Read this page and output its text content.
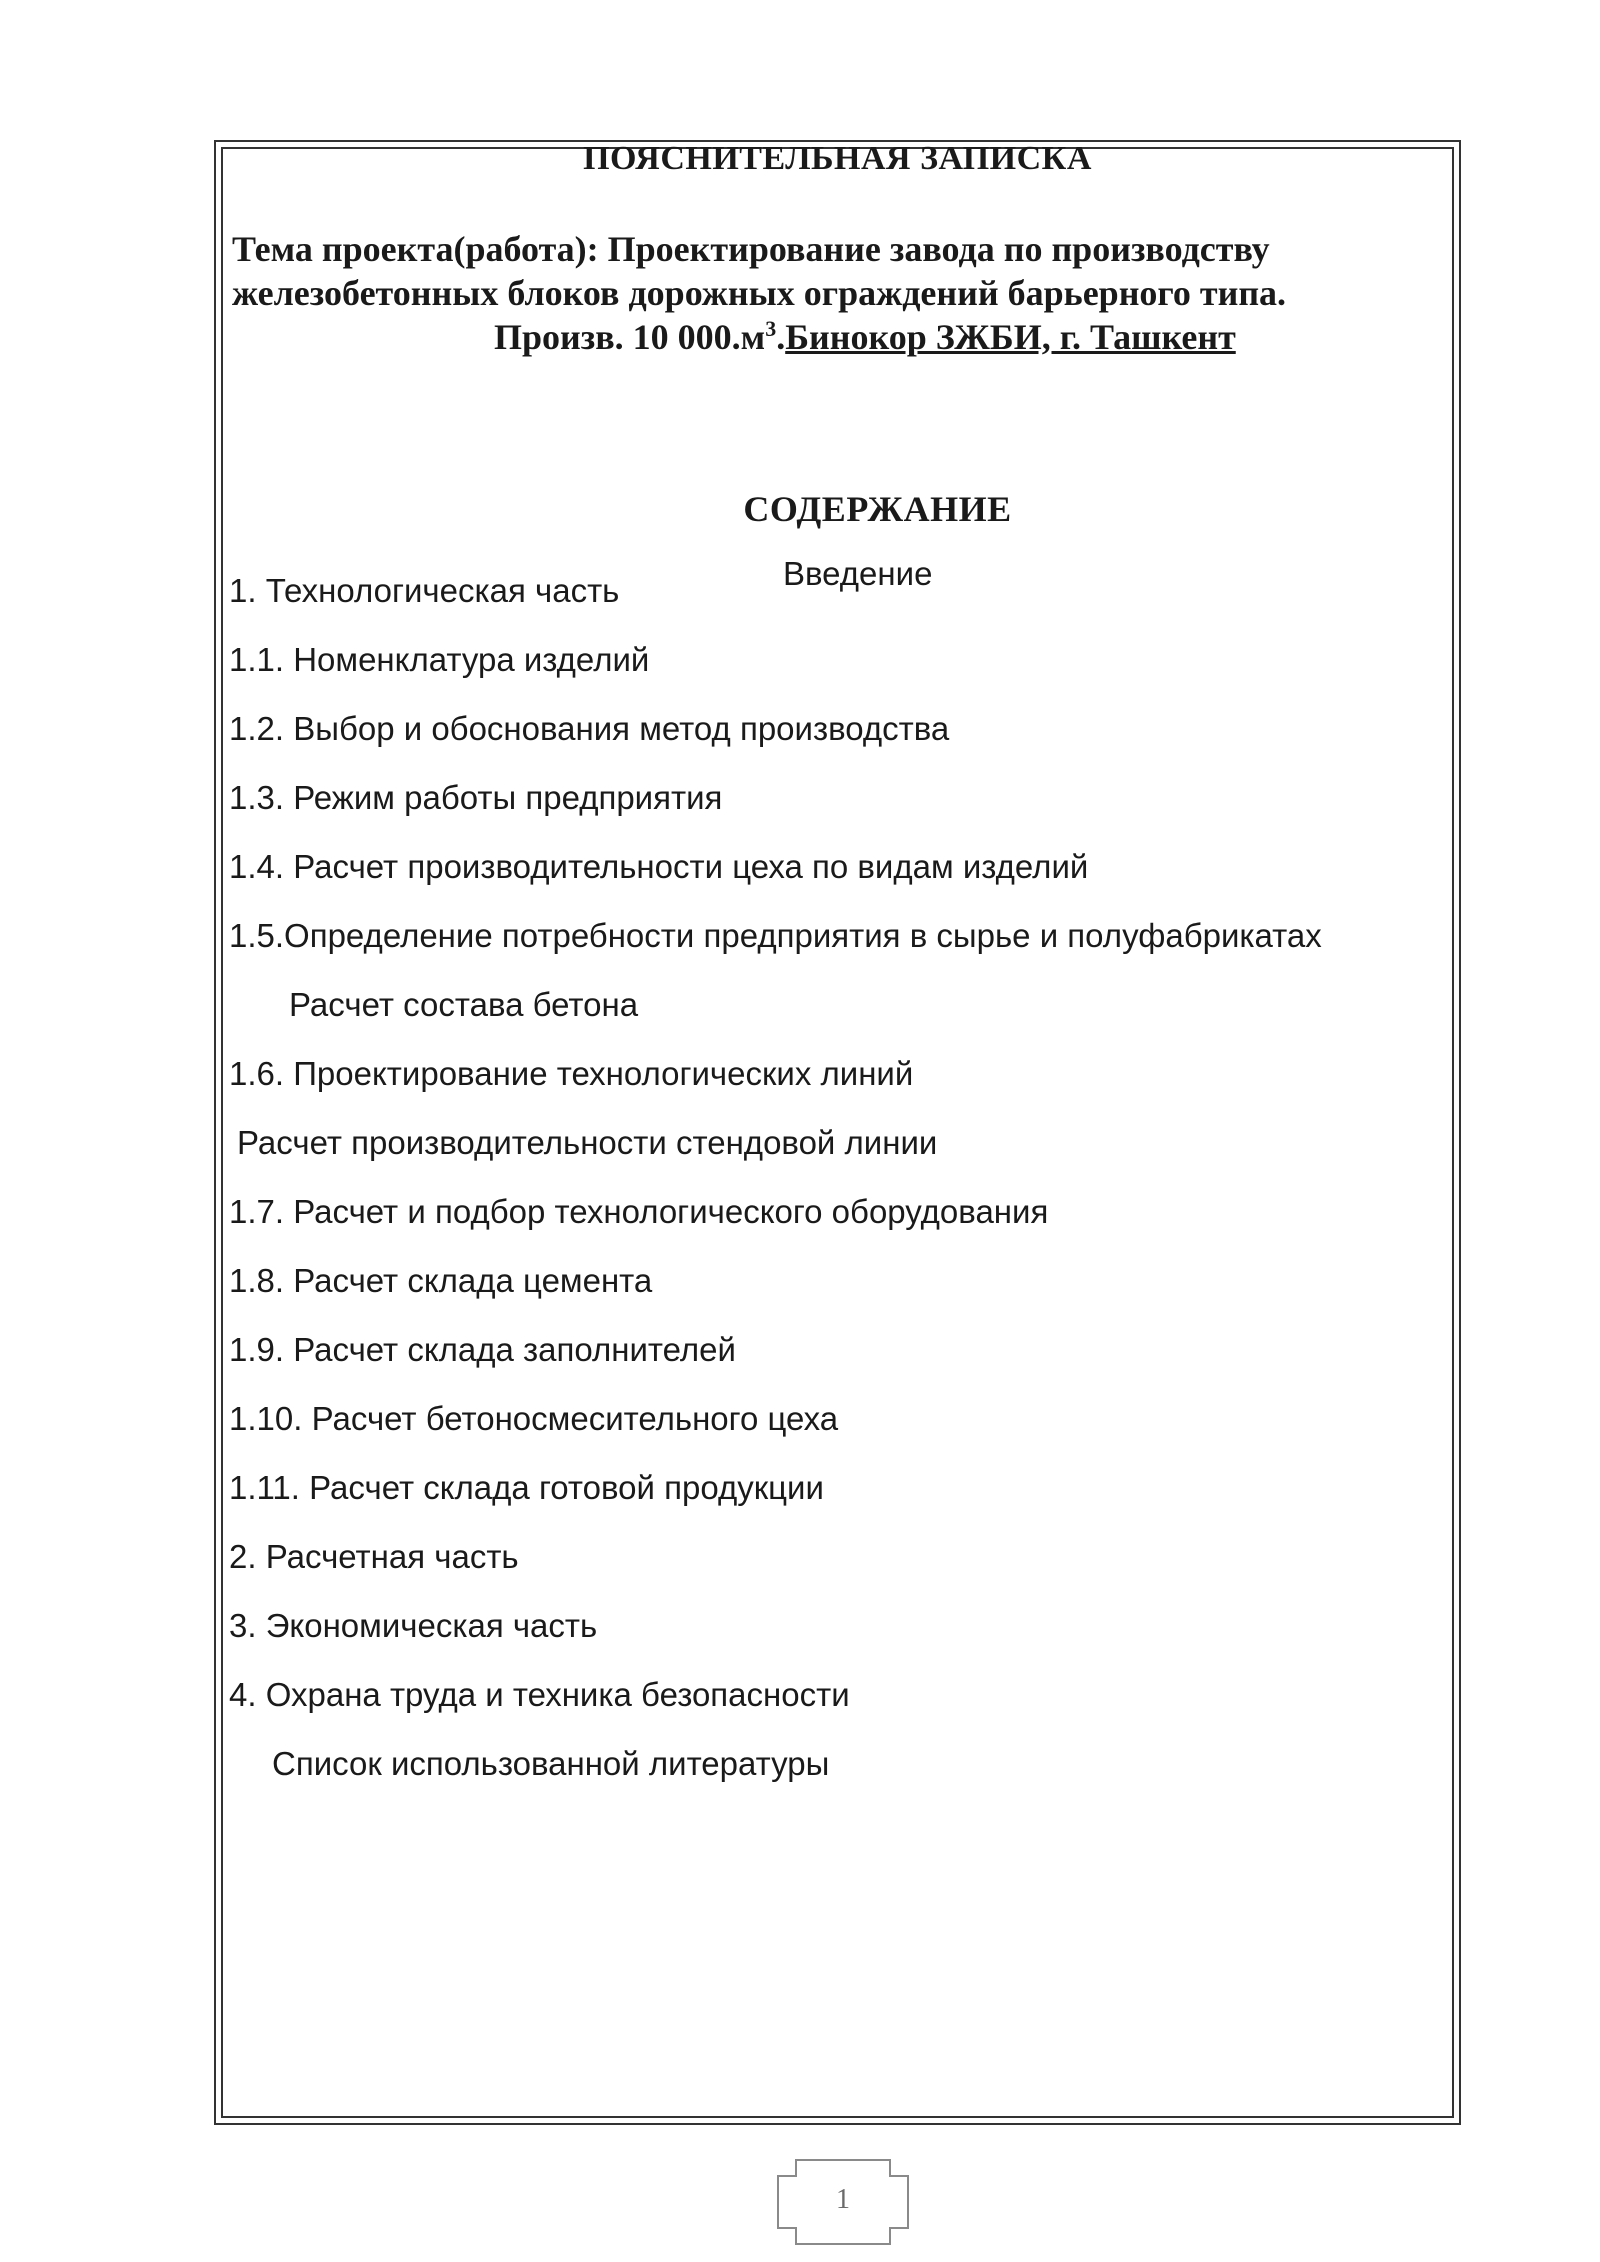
ПОЯСНИТЕЛЬНАЯ ЗАПИСКА
Тема проекта(работа): Проектирование завода по производству
железобетонных блоков дорожных ограждений барьерного типа.
Произв. 10 $000.м^3.Бинокор$ ЗЖБИ, г. Ташкент
СОДЕРЖАНИЕ
Введение
1. Технологическая часть
1.1. Номенклатура изделий
1.2. Выбор и обоснования метод производства
1.3. Режим работы предприятия
1.4. Расчет производительности цеха по видам изделий
1.5.Определение потребности предприятия в сырье и полуфабрикатах
Расчет состава бетона
1.6. Проектирование технологических линий
Расчет производительности стендовой линии
1.7. Расчет и подбор технологического оборудования
1.8. Расчет склада цемента
1.9. Расчет склада заполнителей
1.10. Расчет бетоносмесительного цеха
1.11. Расчет склада готовой продукции
2. Расчетная часть
3. Экономическая часть
4. Охрана труда и техника безопасности
Список использованной литературы
1
